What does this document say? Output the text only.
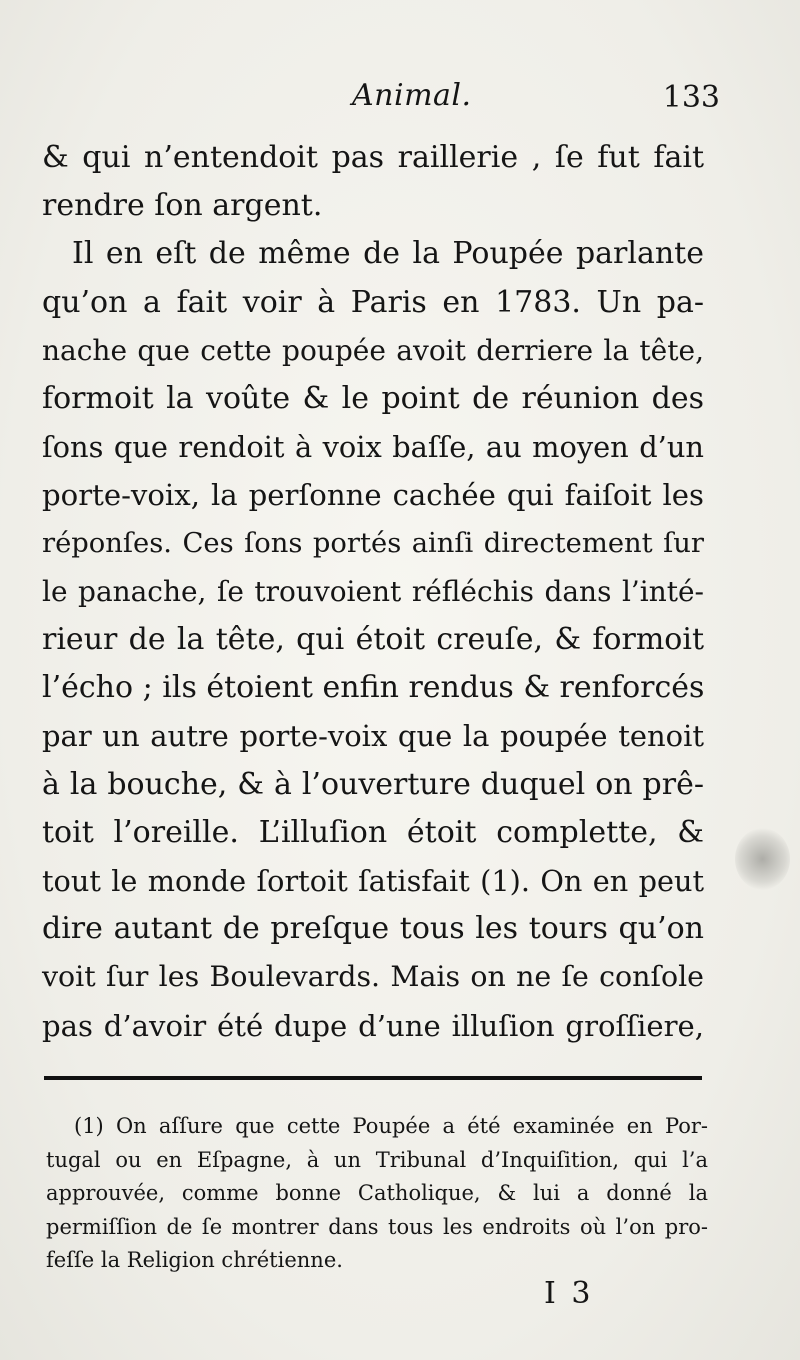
Animal.	133
& qui n’entendoit pas raillerie , ſe fut fait
rendre ſon argent.
Il en eſt de même de la Poupée parlante
qu’on a fait voir à Paris en 1783. Un pa-
nache que cette poupée avoit derriere la tête,
formoit la voûte & le point de réunion des
ſons que rendoit à voix baſſe, au moyen d’un
porte-voix, la perſonne cachée qui faiſoit les
réponſes. Ces ſons portés ainſi directement ſur
le panache, ſe trouvoient réfléchis dans l’inté-
rieur de la tête, qui étoit creuſe, & formoit
l’écho ; ils étoient enfin rendus & renforcés
par un autre porte-voix que la poupée tenoit
à la bouche, & à l’ouverture duquel on prê-
toit l’oreille. L’illuſion étoit complette, &
tout le monde ſortoit ſatisfait (1). On en peut
dire autant de preſque tous les tours qu’on
voit ſur les Boulevards. Mais on ne ſe conſole
pas d’avoir été dupe d’une illuſion groſſiere,
(1) On aſſure que cette Poupée a été examinée en Por-
tugal ou en Eſpagne, à un Tribunal d’Inquiſition, qui l’a
approuvée, comme bonne Catholique, & lui a donné la
permiſſion de ſe montrer dans tous les endroits où l’on pro-
feſſe la Religion chrétienne.
I 3
